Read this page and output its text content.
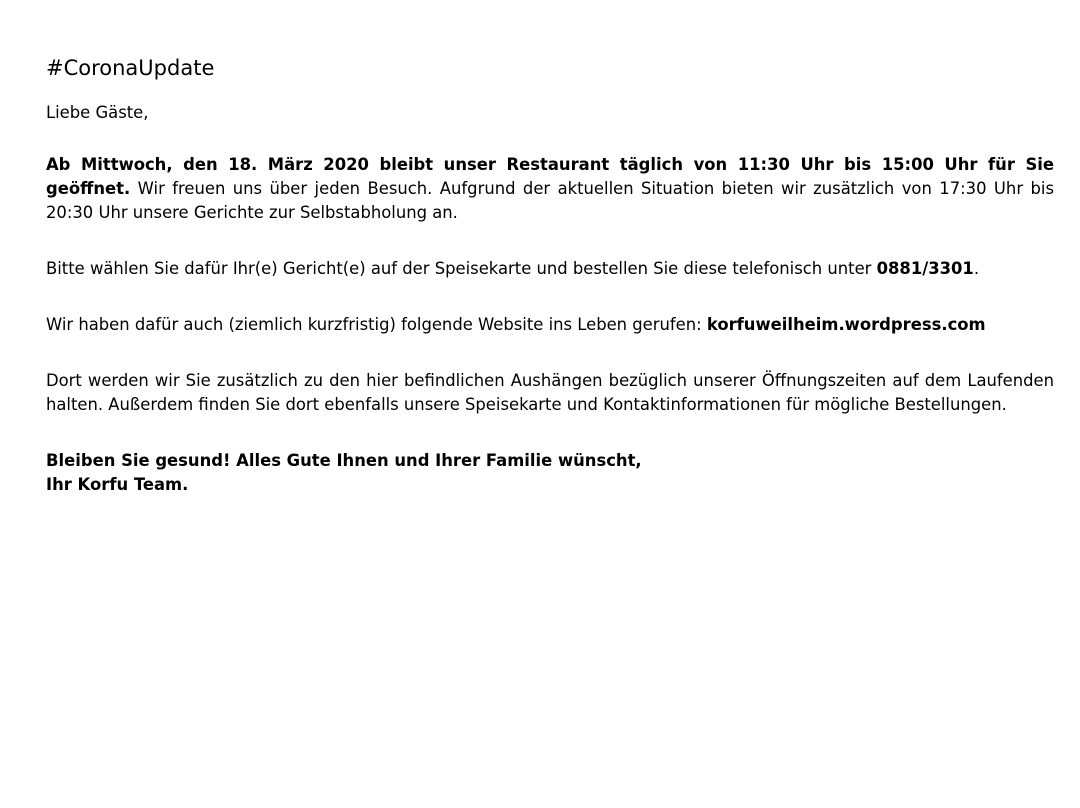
#CoronaUpdate

Liebe Gäste,

Ab Mittwoch, den 18. März 2020 bleibt unser Restaurant täglich von 11:30 Uhr bis 15:00 Uhr für Sie geöffnet. Wir freuen uns über jeden Besuch. Aufgrund der aktuellen Situation bieten wir zusätzlich von 17:30 Uhr bis 20:30 Uhr unsere Gerichte zur Selbstabholung an.

Bitte wählen Sie dafür Ihr(e) Gericht(e) auf der Speisekarte und bestellen Sie diese telefonisch unter 0881/3301.

Wir haben dafür auch (ziemlich kurzfristig) folgende Website ins Leben gerufen: korfuweilheim.wordpress.com

Dort werden wir Sie zusätzlich zu den hier befindlichen Aushängen bezüglich unserer Öffnungszeiten auf dem Laufenden halten. Außerdem finden Sie dort ebenfalls unsere Speisekarte und Kontaktinformationen für mögliche Bestellungen.

Bleiben Sie gesund! Alles Gute Ihnen und Ihrer Familie wünscht,
Ihr Korfu Team.
